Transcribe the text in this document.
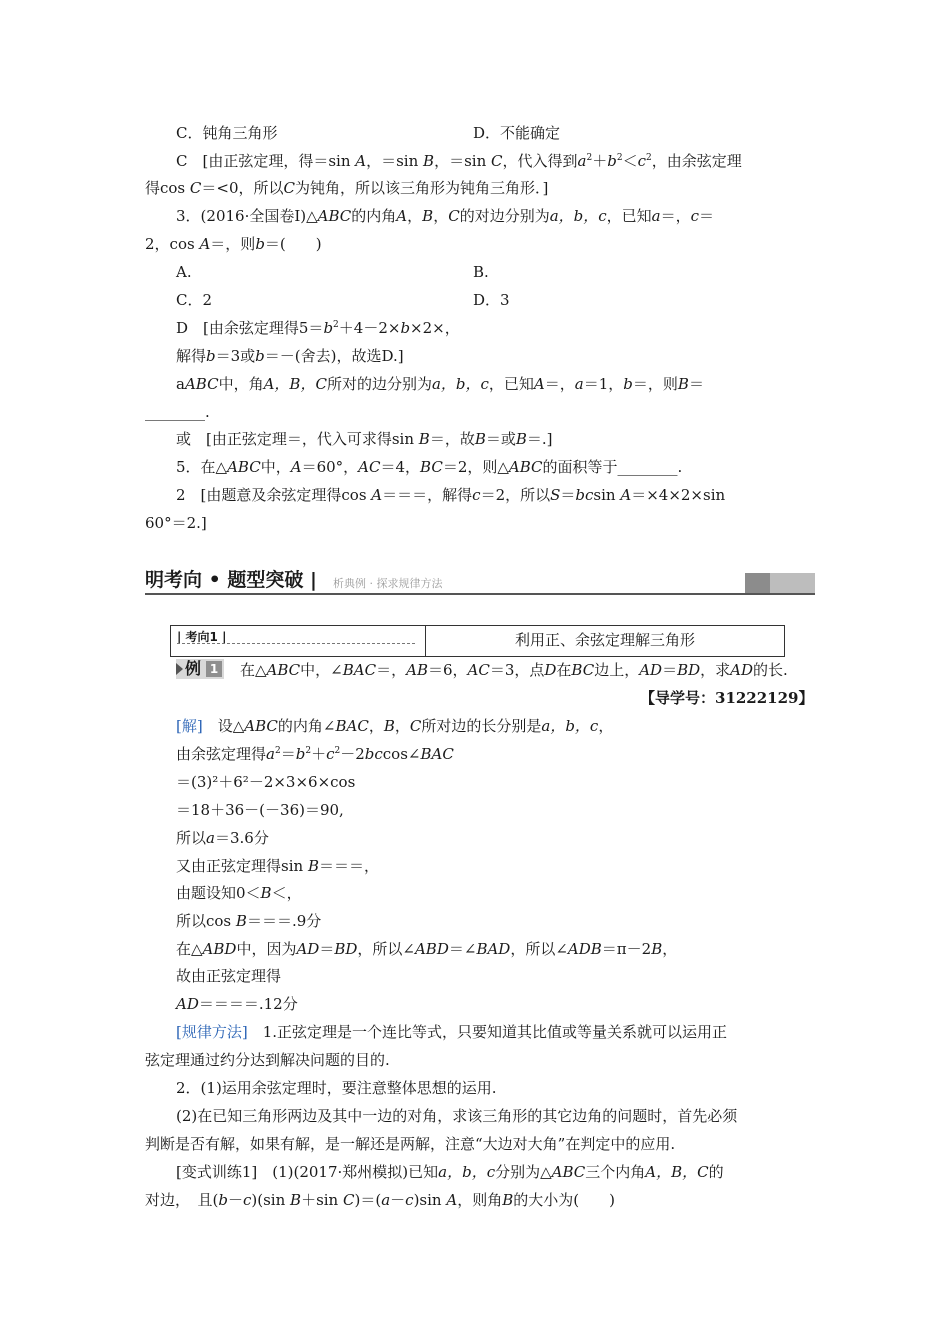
C．钝角三角形	D．不能确定
C　[由正弦定理，得＝sin A，＝sin B，＝sin C，代入得到$a^2+b^2<c^2$，由余弦定理
得cos C＝<0，所以C为钝角，所以该三角形为钝角三角形．]
3．(2016·全国卷Ⅰ)△ABC的内角A，B，C的对边分别为a，b，c，已知a＝，c＝
2，cos A＝，则b＝(　　)
A.	B.
C．2	D．3
D　[由余弦定理得$5=b^2+4-2\times b\times 2\times$，
解得b＝3或b＝－(舍去)，故选D.]
aABC中，角A，B，C所对的边分别为a，b，c，已知A＝，a＝1，b＝，则B＝
________.
或　[由正弦定理＝，代入可求得sin B＝，故B＝或B＝.]
5．在△ABC中，A＝60°，AC＝4，BC＝2，则△ABC的面积等于________.
2　[由题意及余弦定理得cos A＝＝＝，解得c＝2，所以S＝bcsin A＝×4×2×sin
60°＝2.]
明考向 • 题型突破 | 析典例 · 探求规律方法
| 考向1 |	利用正、余弦定理解三角形
例 1 在△ABC中，∠BAC＝，AB＝6，AC＝3，点D在BC边上，AD＝BD，求AD的长.
【导学号：31222129】
[解]　 设△ABC的内角∠BAC，B，C所对边的长分别是a，b，c，
由余弦定理得$a^2=b^2+c^2-2bccos\angle BAC$
＝(3)²＋6²－2×3×6×cos
＝18＋36－(－36)＝90,
所以a＝3.6分
又由正弦定理得sin B＝＝＝，
由题设知0＜B＜，
所以cos B＝＝＝.9分
在△ABD中，因为AD＝BD，所以∠ABD＝∠BAD，所以∠ADB＝π－2B，
故由正弦定理得
AD＝＝＝＝.12分
[规律方法]　1.正弦定理是一个连比等式，只要知道其比值或等量关系就可以运用正
弦定理通过约分达到解决问题的目的.
2．(1)运用余弦定理时，要注意整体思想的运用.
(2)在已知三角形两边及其中一边的对角，求该三角形的其它边角的问题时，首先必须
判断是否有解，如果有解，是一解还是两解，注意“大边对大角”在判定中的应用.
[变式训练1]　(1)(2017·郑州模拟)已知a，b，c分别为△ABC三个内角A，B，C的
对边，　且(b－c)(sin B＋sin C)＝(a－c)sin A，则角B的大小为(　　)
